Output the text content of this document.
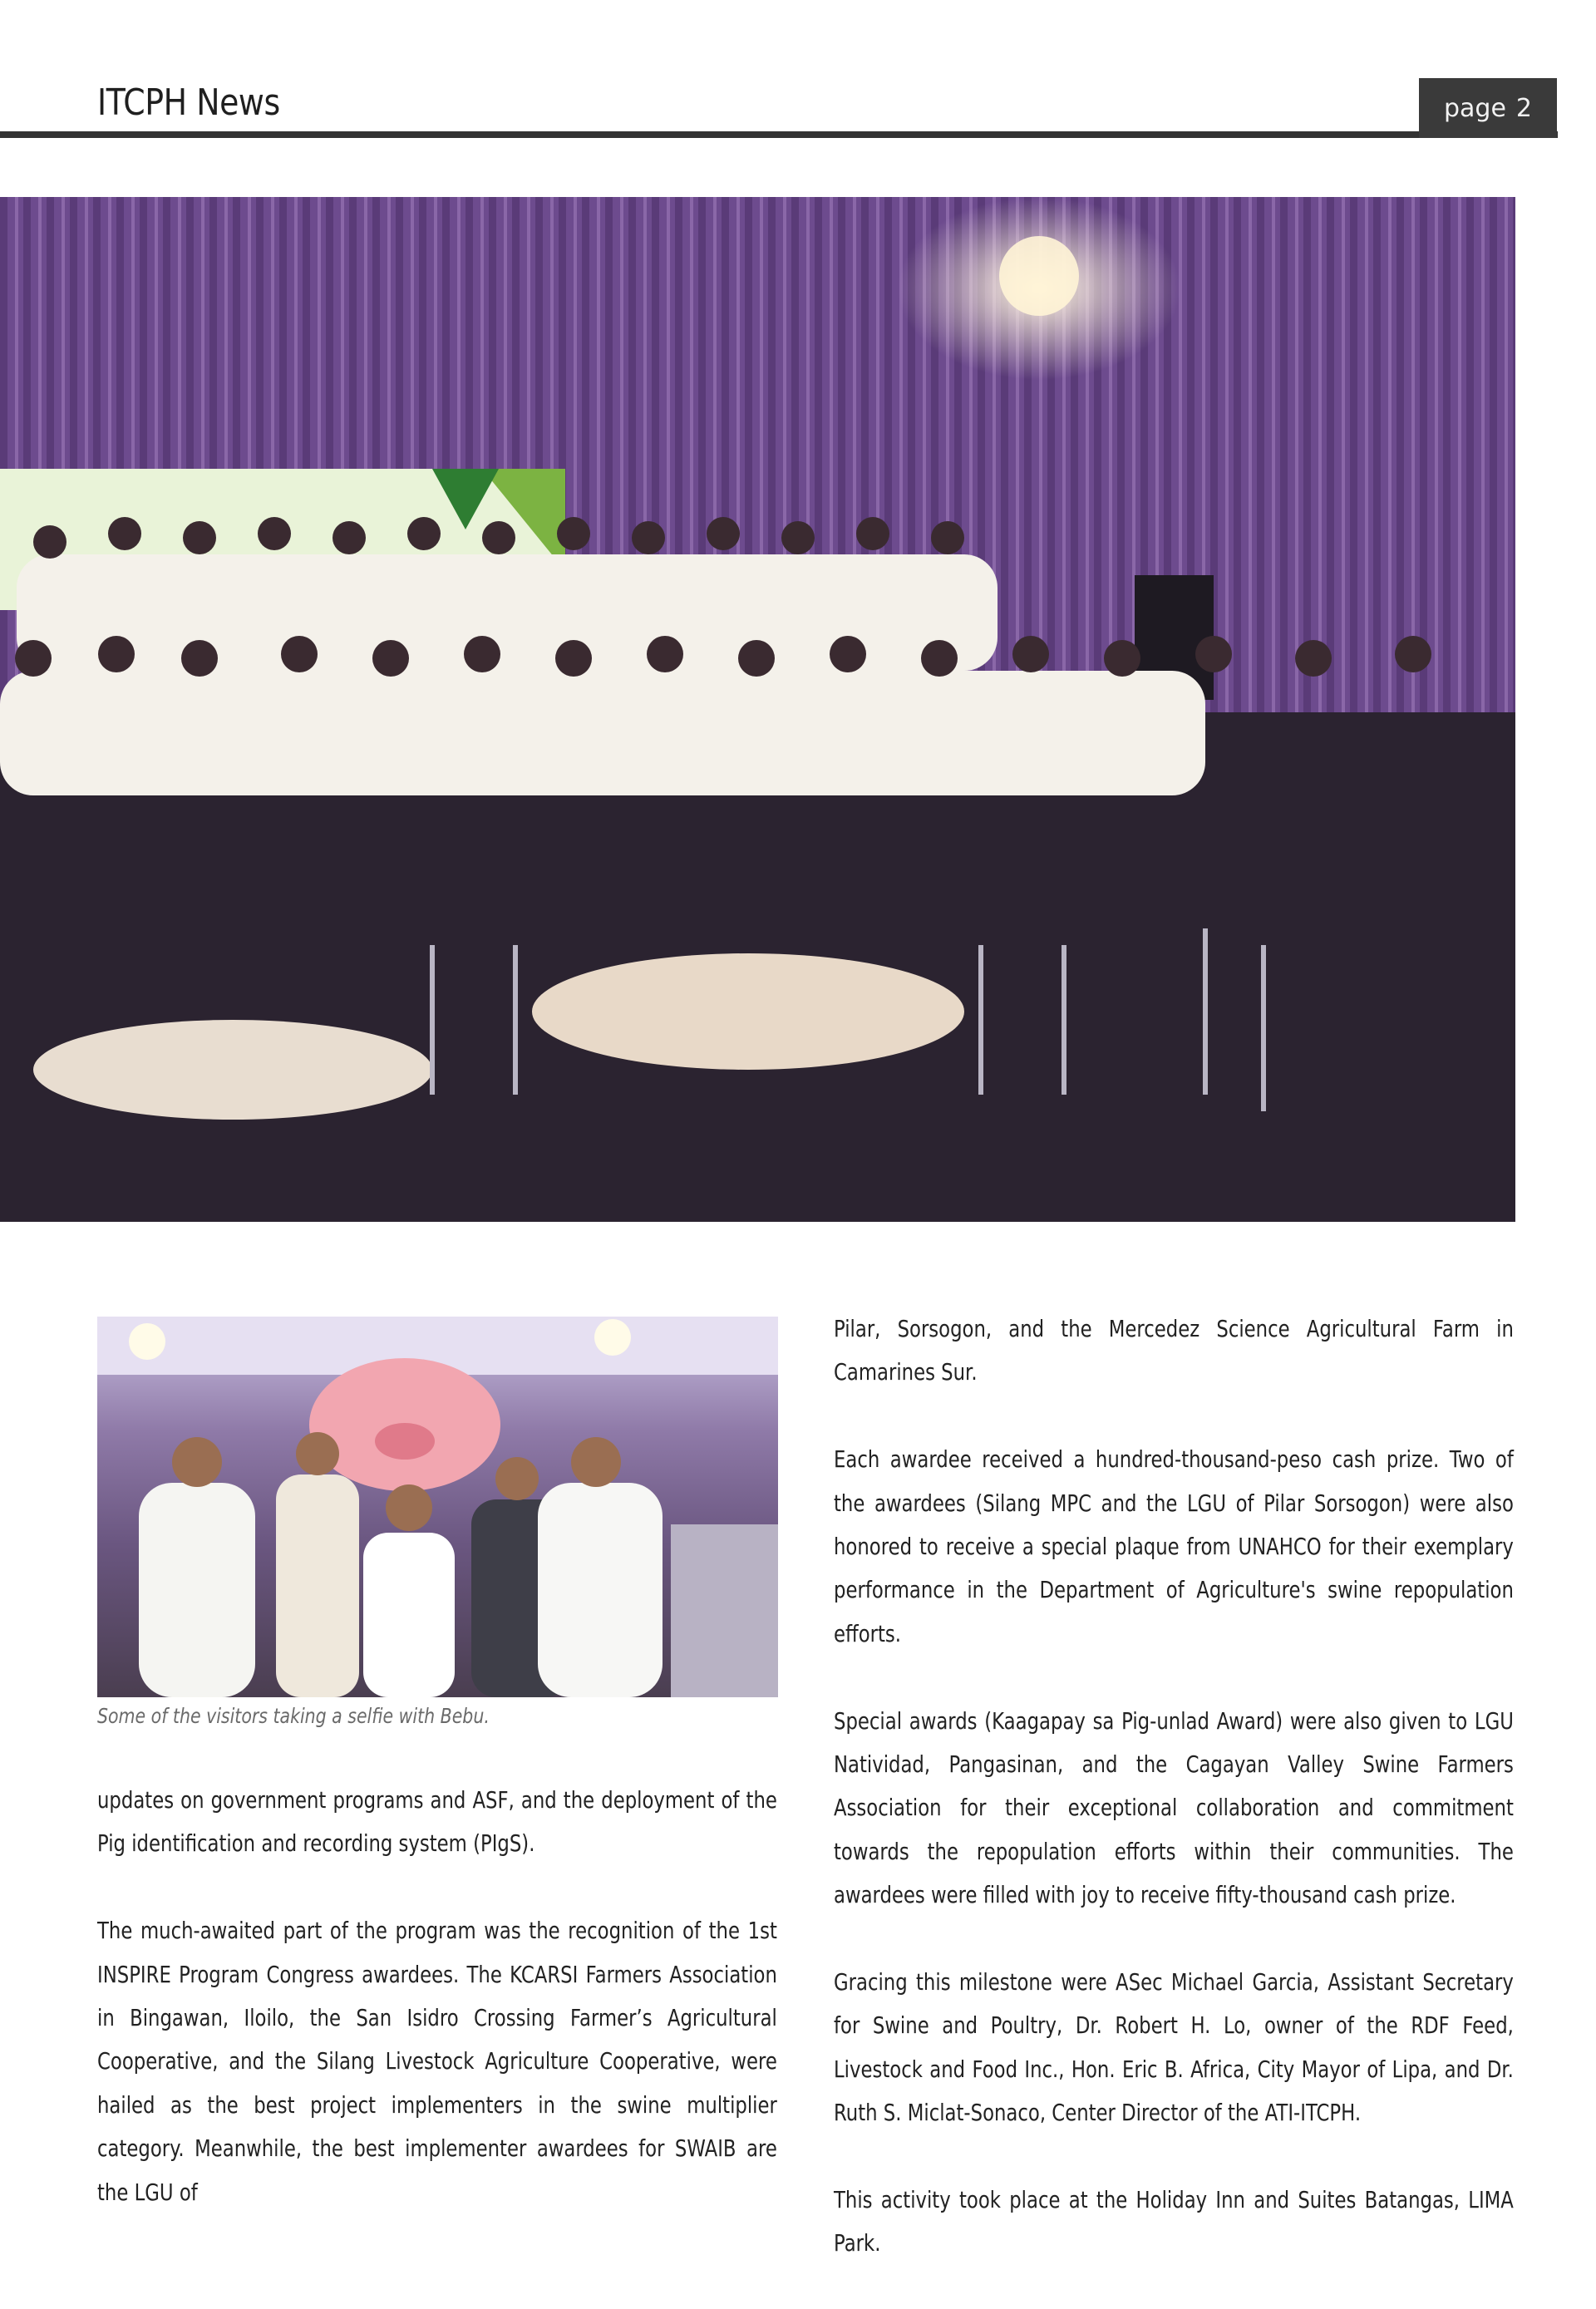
ITCPH News	page 2
Some of the visitors taking a selfie with Bebu.

updates on government programs and ASF, and the deployment of the Pig identification and recording system (PIgS).

The much-awaited part of the program was the recognition of the 1st INSPIRE Program Congress awardees. The KCARSI Farmers Association in Bingawan, Iloilo, the San Isidro Crossing Farmer’s Agricultural Cooperative, and the Silang Livestock Agriculture Cooperative, were hailed as the best project implementers in the swine multiplier category. Meanwhile, the best implementer awardees for SWAIB are the LGU of

Pilar, Sorsogon, and the Mercedez Science Agricultural Farm in Camarines Sur.

Each awardee received a hundred-thousand-peso cash prize. Two of the awardees (Silang MPC and the LGU of Pilar Sorsogon) were also honored to receive a special plaque from UNAHCO for their exemplary performance in the Department of Agriculture's swine repopulation efforts.

Special awards (Kaagapay sa Pig-unlad Award) were also given to LGU Natividad, Pangasinan, and the Cagayan Valley Swine Farmers Association for their exceptional collaboration and commitment towards the repopulation efforts within their communities. The awardees were filled with joy to receive fifty-thousand cash prize.

Gracing this milestone were ASec Michael Garcia, Assistant Secretary for Swine and Poultry, Dr. Robert H. Lo, owner of the RDF Feed, Livestock and Food Inc., Hon. Eric B. Africa, City Mayor of Lipa, and Dr. Ruth S. Miclat-Sonaco, Center Director of the ATI-ITCPH.

This activity took place at the Holiday Inn and Suites Batangas, LIMA Park.
